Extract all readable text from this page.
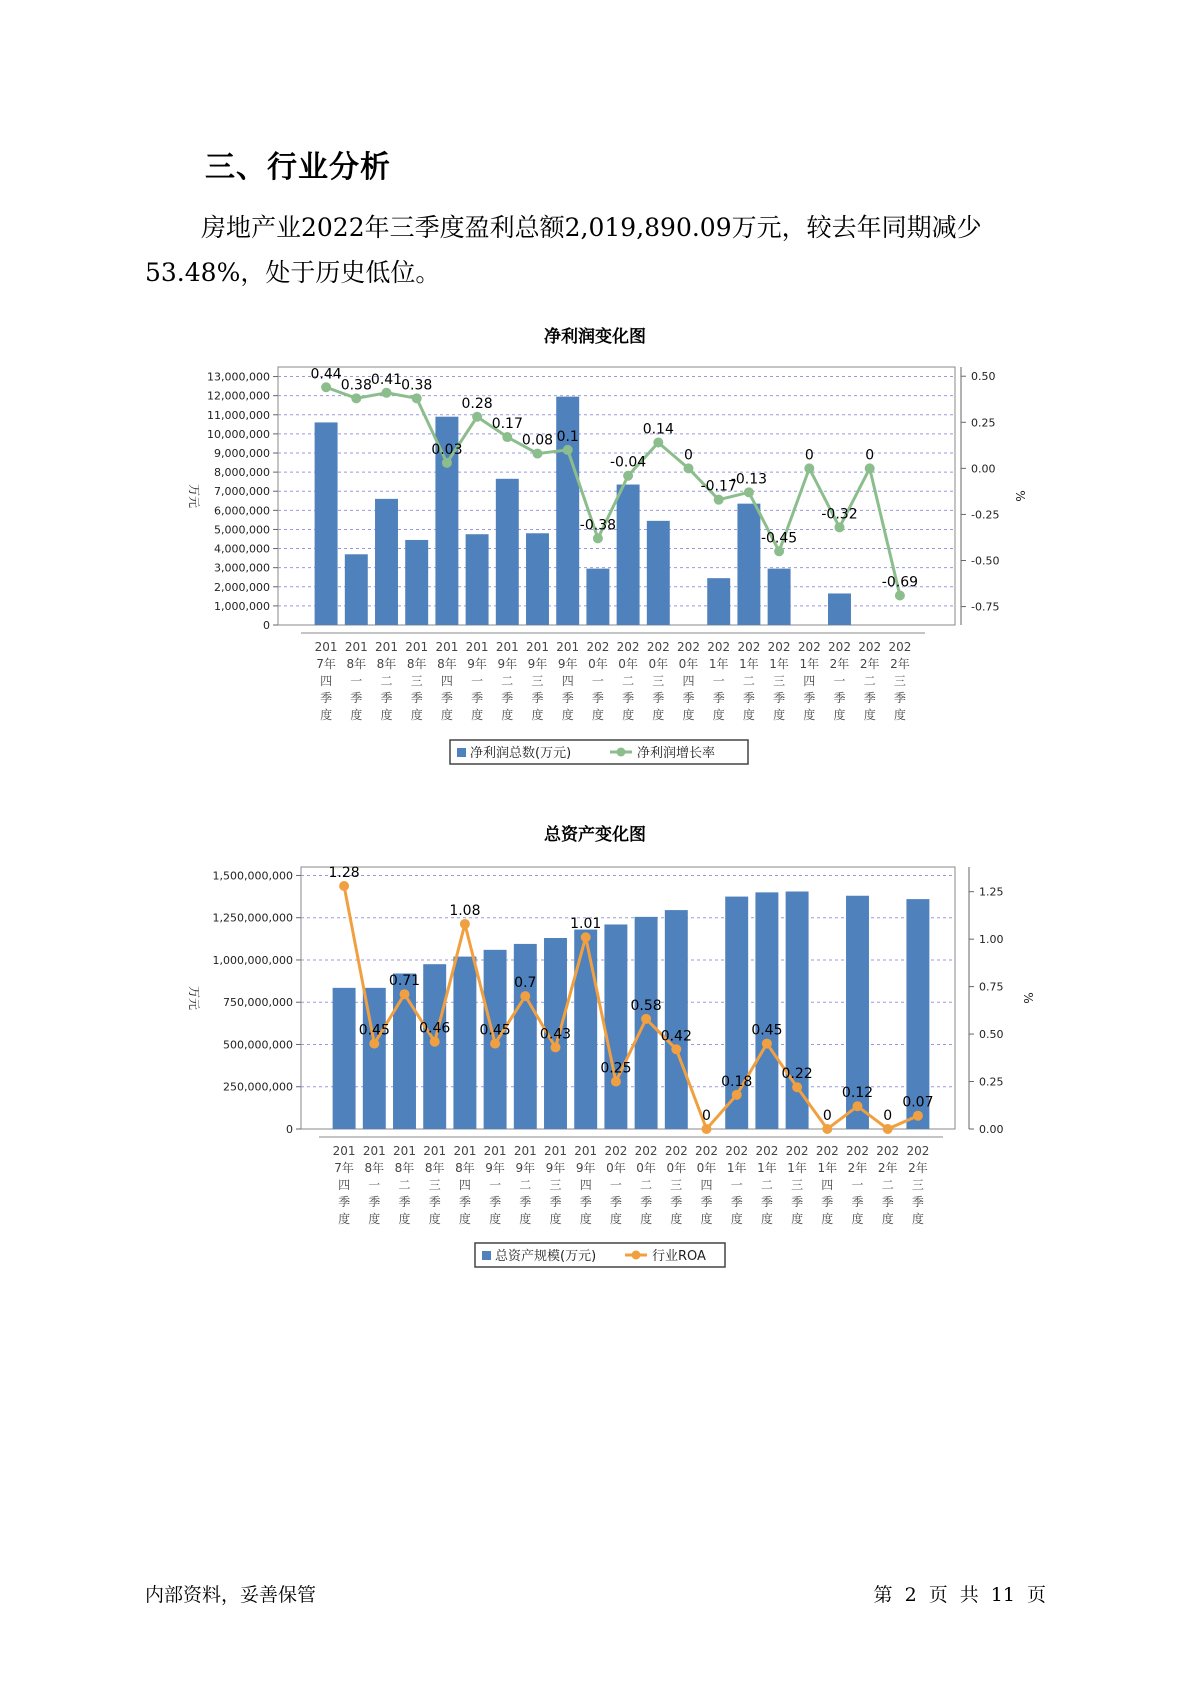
三、行业分析
房地产业2022年三季度盈利总额2,019,890.09万元，较去年同期减少53.48%，处于历史低位。
净利润变化图
0
1,000,000
2,000,000
3,000,000
4,000,000
5,000,000
6,000,000
7,000,000
8,000,000
9,000,000
10,000,000
11,000,000
12,000,000
13,000,000
-0.75
-0.50
-0.25
0.00
0.25
0.50
万元	%
0.44
0.38 0.41 0.38
0.03
0.28
0.17
0.08 0.1
-0.38
-0.04
0.14
0
-0.17
-0.13
-0.45
0
-0.32
0
-0.69
201 7年四季度
201 8年一季度
201 8年二季度
201 8年三季度
201 8年四季度
201 9年一季度
201 9年二季度
201 9年三季度
201 9年四季度
202 0年一季度
202 0年二季度
202 0年三季度
202 0年四季度
202 1年一季度
202 1年二季度
202 1年三季度
202 1年四季度
202 2年一季度
202 2年二季度
202 2年三季度
净利润总数(万元)	净利润增长率
总资产变化图
0
250,000,000
500,000,000
750,000,000
1,000,000,000
1,250,000,000
1,500,000,000
0.00
0.25
0.50
0.75
1.00
1.25
万元	%
1.28
0.45
0.71
0.46
1.08
0.45
0.7
0.43
1.01
0.25
0.58
0.42
0
0.18
0.45
0.22
0
0.12
0
0.07
201 7年四季度
201 8年一季度
201 8年二季度
201 8年三季度
201 8年四季度
201 9年一季度
201 9年二季度
201 9年三季度
201 9年四季度
202 0年一季度
202 0年二季度
202 0年三季度
202 0年四季度
202 1年一季度
202 1年二季度
202 1年三季度
202 1年四季度
202 2年一季度
202 2年二季度
202 2年三季度
总资产规模(万元)	行业ROA
内部资料，妥善保管	第 2 页 共 11 页
